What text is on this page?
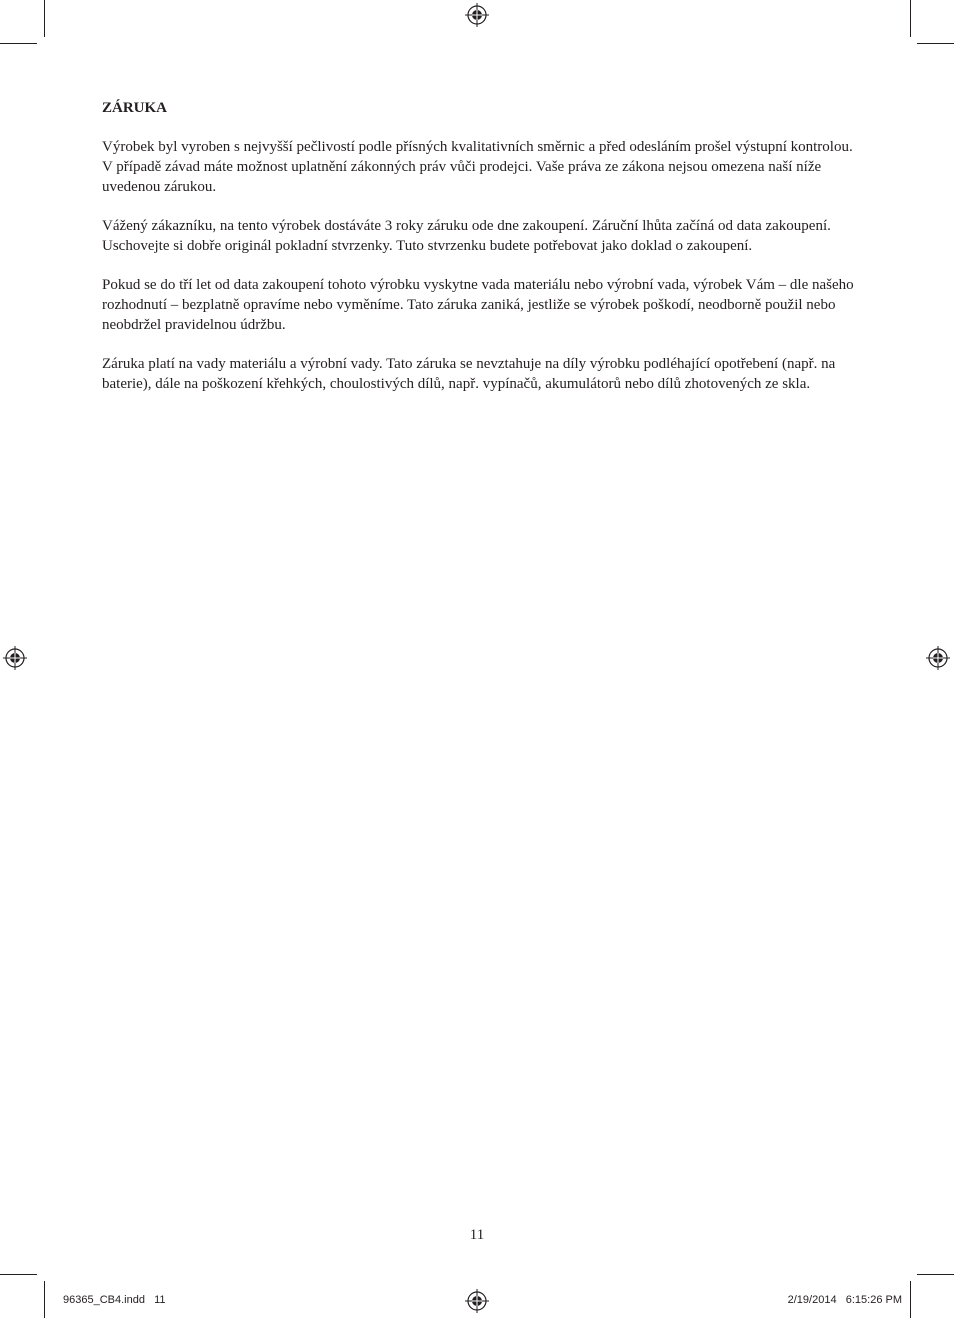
ZÁRUKA

Výrobek byl vyroben s nejvyšší pečlivostí podle přísných kvalitativních směrnic a před odesláním prošel výstupní kontrolou. V případě závad máte možnost uplatnění zákonných práv vůči prodejci. Vaše práva ze zákona nejsou omezena naší níže uvedenou zárukou.

Vážený zákazníku, na tento výrobek dostáváte 3 roky záruku ode dne zakoupení. Záruční lhůta začíná od data zakoupení. Uschovejte si dobře originál pokladní stvrzenky. Tuto stvrzenku budete potřebovat jako doklad o zakoupení.

Pokud se do tří let od data zakoupení tohoto výrobku vyskytne vada materiálu nebo výrobní vada, výrobek Vám – dle našeho rozhodnutí – bezplatně opravíme nebo vyměníme. Tato záruka zaniká, jestliže se výrobek poškodí, neodborně použil nebo neobdržel pravidelnou údržbu.

Záruka platí na vady materiálu a výrobní vady. Tato záruka se nevztahuje na díly výrobku podléhající opotřebení (např. na baterie), dále na poškození křehkých, choulostivých dílů, např. vypínačů, akumulátorů nebo dílů zhotovených ze skla.

11
96365_CB4.indd   11	2/19/2014   6:15:26 PM
